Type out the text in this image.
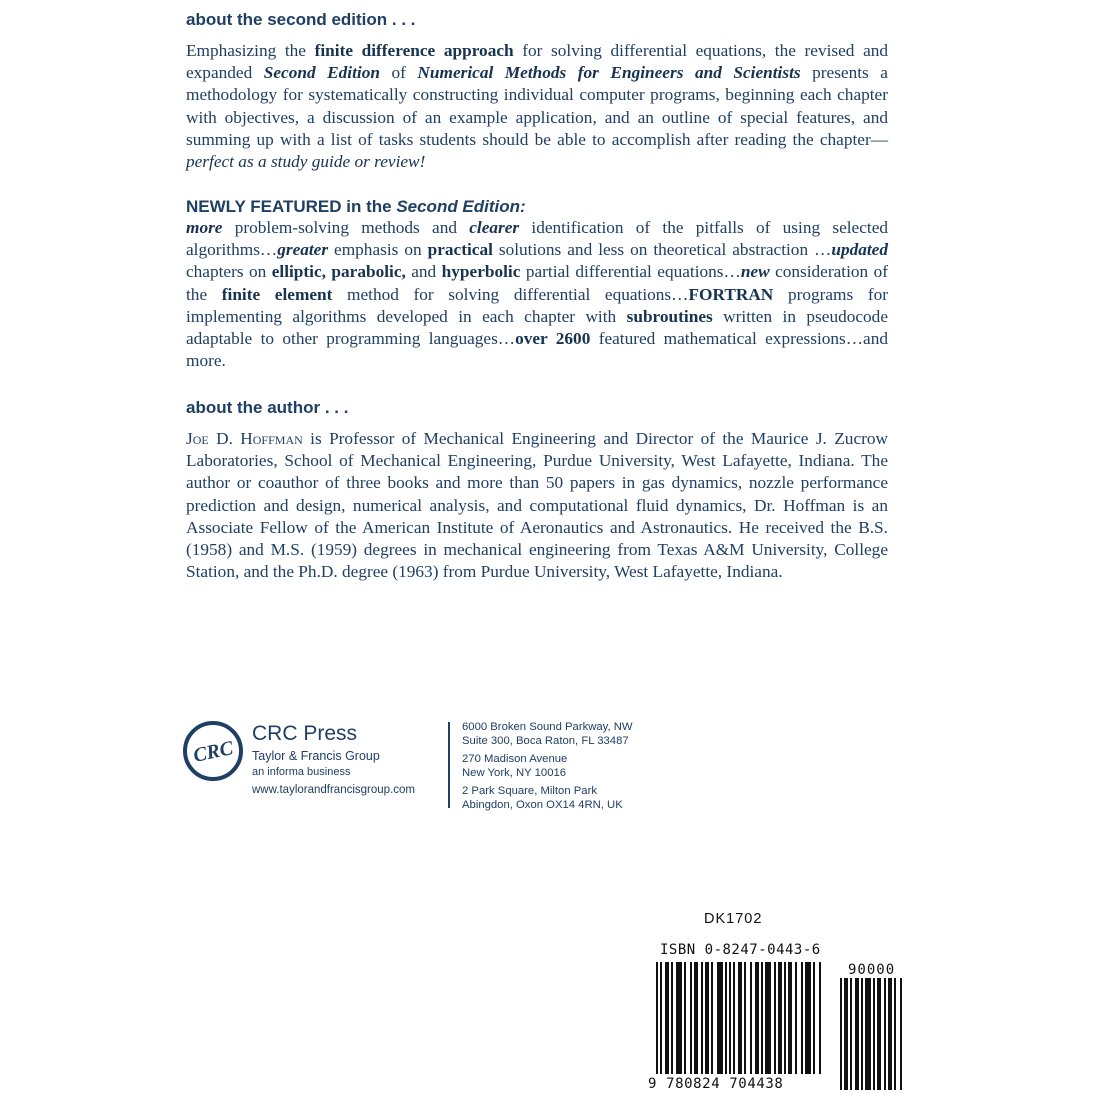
about the second edition . . .

Emphasizing the finite difference approach for solving differential equations, the revised and expanded Second Edition of Numerical Methods for Engineers and Scientists presents a methodology for systematically constructing individual computer programs, beginning each chapter with objectives, a discussion of an example application, and an outline of special features, and summing up with a list of tasks students should be able to accomplish after reading the chapter—perfect as a study guide or review!

NEWLY FEATURED in the Second Edition:

more problem-solving methods and clearer identification of the pitfalls of using selected algorithms…greater emphasis on practical solutions and less on theoretical abstraction …updated chapters on elliptic, parabolic, and hyperbolic partial differential equations…new consideration of the finite element method for solving differential equations…FORTRAN programs for implementing algorithms developed in each chapter with subroutines written in pseudocode adaptable to other programming languages…over 2600 featured mathematical expressions…and more.

about the author . . .

Joe D. Hoffman is Professor of Mechanical Engineering and Director of the Maurice J. Zucrow Laboratories, School of Mechanical Engineering, Purdue University, West Lafayette, Indiana. The author or coauthor of three books and more than 50 papers in gas dynamics, nozzle performance prediction and design, numerical analysis, and computational fluid dynamics, Dr. Hoffman is an Associate Fellow of the American Institute of Aeronautics and Astronautics. He received the B.S. (1958) and M.S. (1959) degrees in mechanical engineering from Texas A&M University, College Station, and the Ph.D. degree (1963) from Purdue University, West Lafayette, Indiana.

CRC
CRC Press
Taylor & Francis Group
an informa business
www.taylorandfrancisgroup.com
6000 Broken Sound Parkway, NW
Suite 300, Boca Raton, FL 33487
270 Madison Avenue
New York, NY 10016
2 Park Square, Milton Park
Abingdon, Oxon OX14 4RN, UK
DK1702
ISBN 0-8247-0443-6
90000
9 780824 704438
